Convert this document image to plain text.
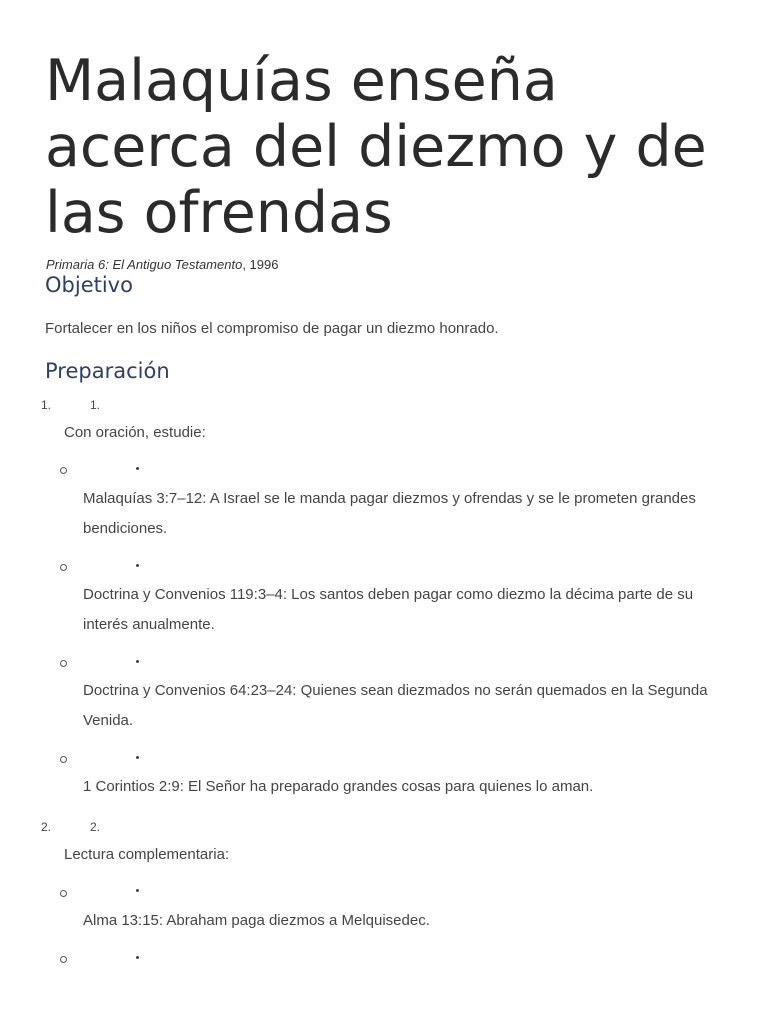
Malaquías enseña acerca del diezmo y de las ofrendas
Primaria 6: El Antiguo Testamento, 1996
Objetivo
Fortalecer en los niños el compromiso de pagar un diezmo honrado.
Preparación
1.	1.
Con oración, estudie:
Malaquías 3:7–12: A Israel se le manda pagar diezmos y ofrendas y se le prometen grandes bendiciones.
Doctrina y Convenios 119:3–4: Los santos deben pagar como diezmo la décima parte de su interés anualmente.
Doctrina y Convenios 64:23–24: Quienes sean diezmados no serán quemados en la Segunda Venida.
1 Corintios 2:9: El Señor ha preparado grandes cosas para quienes lo aman.
2.	2.
Lectura complementaria:
Alma 13:15: Abraham paga diezmos a Melquisedec.
